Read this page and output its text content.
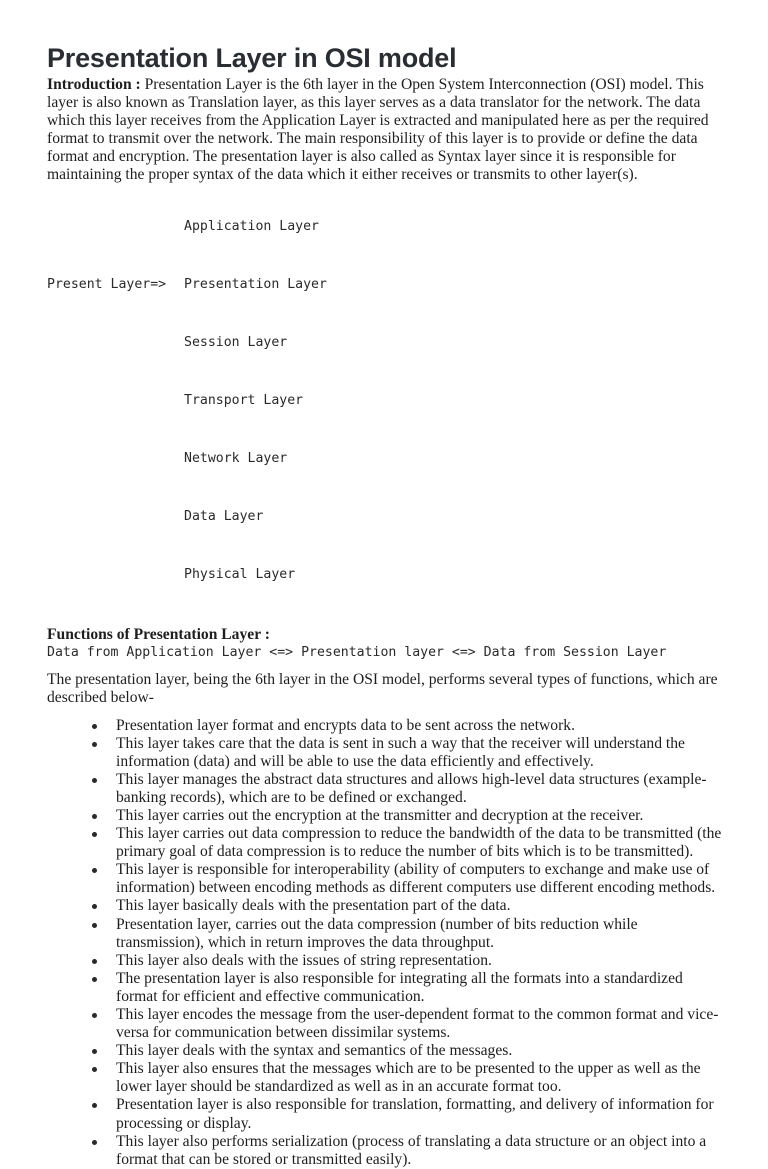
Presentation Layer in OSI model

Introduction : Presentation Layer is the 6th layer in the Open System Interconnection (OSI) model. This layer is also known as Translation layer, as this layer serves as a data translator for the network. The data which this layer receives from the Application Layer is extracted and manipulated here as per the required format to transmit over the network. The main responsibility of this layer is to provide or define the data format and encryption. The presentation layer is also called as Syntax layer since it is responsible for maintaining the proper syntax of the data which it either receives or transmits to other layer(s).

Application Layer

Present Layer=>	Presentation Layer

Session Layer

Transport Layer

Network Layer

Data Layer

Physical Layer

Functions of Presentation Layer :
Data from Application Layer <=> Presentation layer <=> Data from Session Layer

The presentation layer, being the 6th layer in the OSI model, performs several types of functions, which are described below-

Presentation layer format and encrypts data to be sent across the network.
This layer takes care that the data is sent in such a way that the receiver will understand the information (data) and will be able to use the data efficiently and effectively.
This layer manages the abstract data structures and allows high-level data structures (example- banking records), which are to be defined or exchanged.
This layer carries out the encryption at the transmitter and decryption at the receiver.
This layer carries out data compression to reduce the bandwidth of the data to be transmitted (the primary goal of data compression is to reduce the number of bits which is to be transmitted).
This layer is responsible for interoperability (ability of computers to exchange and make use of information) between encoding methods as different computers use different encoding methods.
This layer basically deals with the presentation part of the data.
Presentation layer, carries out the data compression (number of bits reduction while transmission), which in return improves the data throughput.
This layer also deals with the issues of string representation.
The presentation layer is also responsible for integrating all the formats into a standardized format for efficient and effective communication.
This layer encodes the message from the user-dependent format to the common format and vice-versa for communication between dissimilar systems.
This layer deals with the syntax and semantics of the messages.
This layer also ensures that the messages which are to be presented to the upper as well as the lower layer should be standardized as well as in an accurate format too.
Presentation layer is also responsible for translation, formatting, and delivery of information for processing or display.
This layer also performs serialization (process of translating a data structure or an object into a format that can be stored or transmitted easily).
